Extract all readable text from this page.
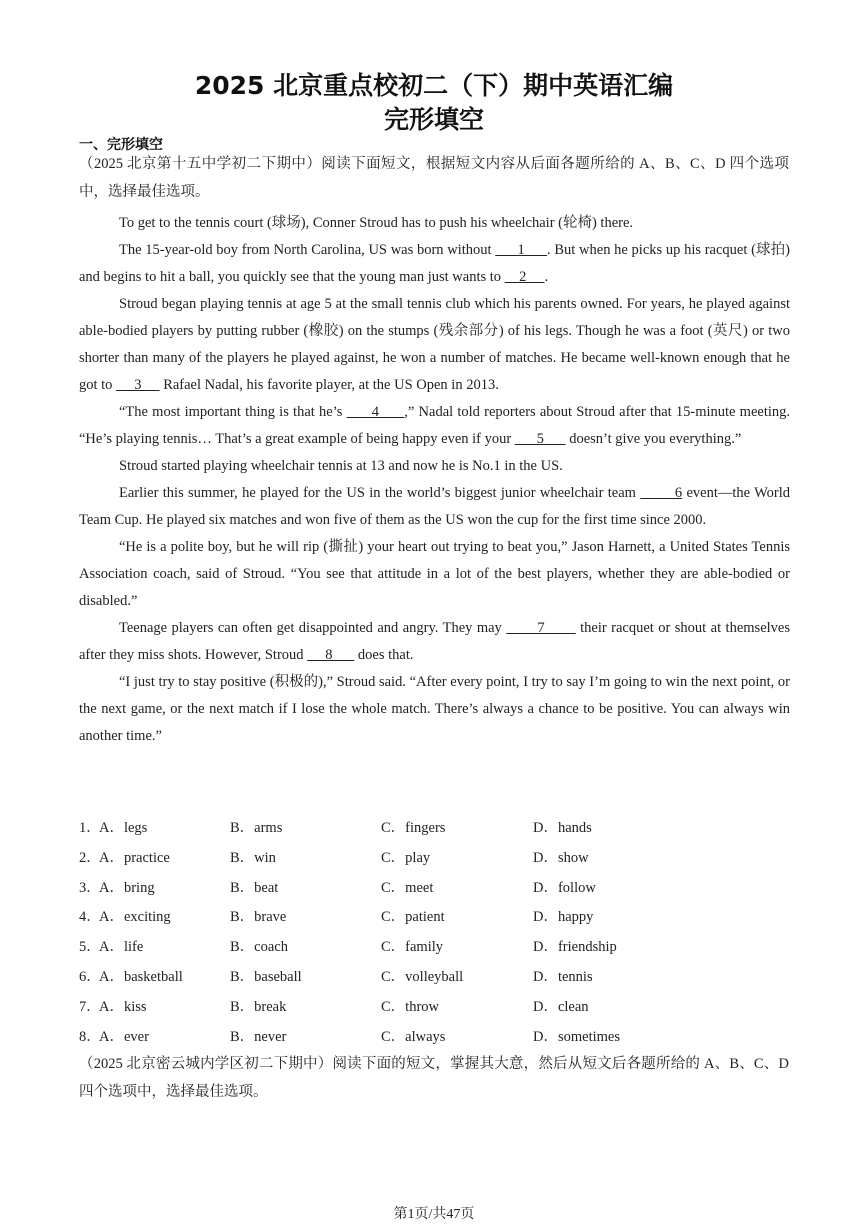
2025 北京重点校初二（下）期中英语汇编
完形填空
一、完形填空
（2025 北京第十五中学初二下期中）阅读下面短文，根据短文内容从后面各题所给的 A、B、C、D 四个选项中，选择最佳选项。

To get to the tennis court (球场), Conner Stroud has to push his wheelchair (轮椅) there.

The 15-year-old boy from North Carolina, US was born without       1      . But when he picks up his racquet (球拍) and begins to hit a ball, you quickly see that the young man just wants to     2     .

Stroud began playing tennis at age 5 at the small tennis club which his parents owned. For years, he played against able-bodied players by putting rubber (橡胶) on the stumps (残余部分) of his legs. Though he was a foot (英尺) or two shorter than many of the players he played against, he won a number of matches. He became well-known enough that he got to      3      Rafael Nadal, his favorite player, at the US Open in 2013.

“The most important thing is that he’s       4      ,” Nadal told reporters about Stroud after that 15-minute meeting. “He’s playing tennis… That’s a great example of being happy even if your       5       doesn’t give you everything.”

Stroud started playing wheelchair tennis at 13 and now he is No.1 in the US.

Earlier this summer, he played for the US in the world’s biggest junior wheelchair team         6 event—the World Team Cup. He played six matches and won five of them as the US won the cup for the first time since 2000.

“He is a polite boy, but he will rip (撕扯) your heart out trying to beat you,” Jason Harnett, a United States Tennis Association coach, said of Stroud. “You see that attitude in a lot of the best players, whether they are able-bodied or disabled.”

Teenage players can often get disappointed and angry. They may        7        their racquet or shout at themselves after they miss shots. However, Stroud      8       does that.

“I just try to stay positive (积极的),” Stroud said. “After every point, I try to say I’m going to win the next point, or the next game, or the next match if I lose the whole match. There’s always a chance to be positive. You can always win another time.”

1．
A．legs	B．arms	C．fingers	D．hands
2．
A．practice	B．win	C．play	D．show
3．
A．bring	B．beat	C．meet	D．follow
4．
A．exciting	B．brave	C．patient	D．happy
5．
A．life	B．coach	C．family	D．friendship
6．
A．basketball	B．baseball	C．volleyball	D．tennis
7．
A．kiss	B．break	C．throw	D．clean
8．
A．ever	B．never	C．always	D．sometimes
（2025 北京密云城内学区初二下期中）阅读下面的短文，掌握其大意，然后从短文后各题所给的 A、B、C、D 四个选项中，选择最佳选项。
第1页/共47页
